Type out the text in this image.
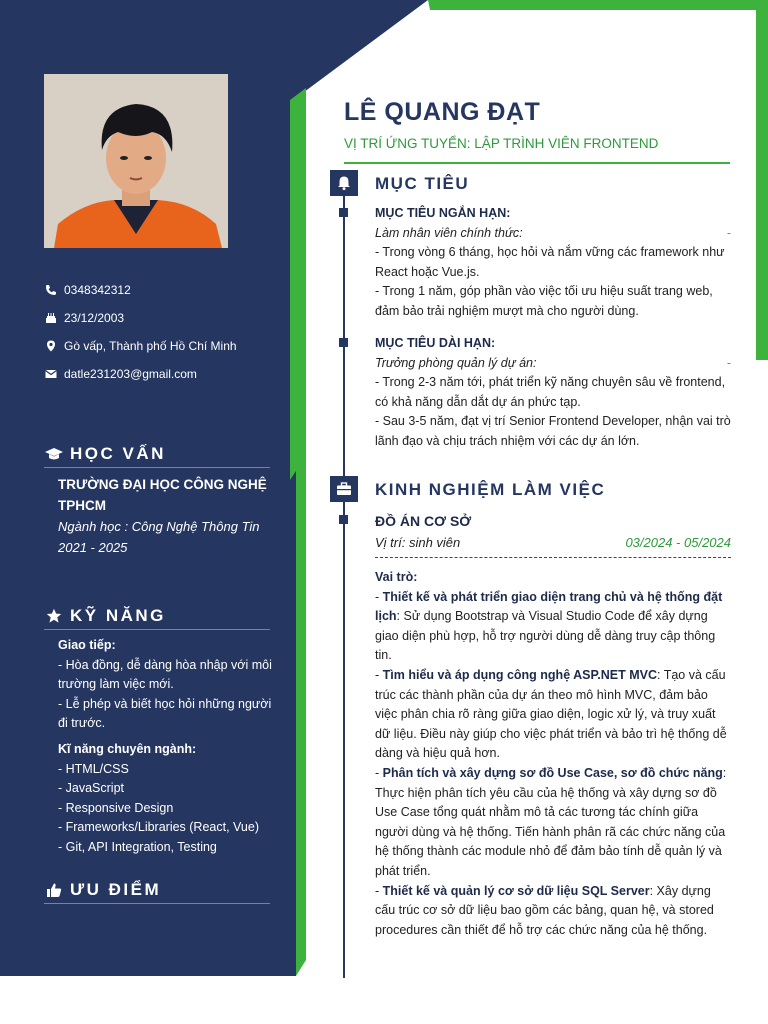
0348342312
23/12/2003
Gò vấp, Thành phố Hồ Chí Minh
datle231203@gmail.com
HỌC VẤN
TRƯỜNG ĐẠI HỌC CÔNG NGHỆ TPHCM
Ngành học : Công Nghệ Thông Tin
2021 - 2025
KỸ NĂNG
Giao tiếp:
- Hòa đồng, dễ dàng hòa nhập với môi trường làm việc mới.
- Lễ phép và biết học hỏi những người đi trước.
Kĩ năng chuyên ngành:
- HTML/CSS
- JavaScript
- Responsive Design
- Frameworks/Libraries (React, Vue)
- Git, API Integration, Testing
ƯU ĐIỂM
LÊ QUANG ĐẠT
VỊ TRÍ ỨNG TUYỂN: LẬP TRÌNH VIÊN FRONTEND
MỤC TIÊU
MỤC TIÊU NGẮN HẠN:
Làm nhân viên chính thức:	-
- Trong vòng 6 tháng, học hỏi và nắm vững các framework như React hoặc Vue.js.
- Trong 1 năm, góp phần vào việc tối ưu hiệu suất trang web, đảm bảo trải nghiệm mượt mà cho người dùng.
MỤC TIÊU DÀI HẠN:
Trưởng phòng quản lý dự án:	-
- Trong 2-3 năm tới, phát triển kỹ năng chuyên sâu về frontend, có khả năng dẫn dắt dự án phức tạp.
- Sau 3-5 năm, đạt vị trí Senior Frontend Developer, nhận vai trò lãnh đạo và chịu trách nhiệm với các dự án lớn.
KINH NGHIỆM LÀM VIỆC
ĐỒ ÁN CƠ SỞ
Vị trí: sinh viên	03/2024 - 05/2024
Vai trò:
- Thiết kế và phát triển giao diện trang chủ và hệ thống đặt lịch: Sử dụng Bootstrap và Visual Studio Code để xây dựng giao diện phù hợp, hỗ trợ người dùng dễ dàng truy cập thông tin.
- Tìm hiểu và áp dụng công nghệ ASP.NET MVC: Tạo và cấu trúc các thành phần của dự án theo mô hình MVC, đảm bảo việc phân chia rõ ràng giữa giao diện, logic xử lý, và truy xuất dữ liệu. Điều này giúp cho việc phát triển và bảo trì hệ thống dễ dàng và hiệu quả hơn.
- Phân tích và xây dựng sơ đồ Use Case, sơ đồ chức năng: Thực hiện phân tích yêu cầu của hệ thống và xây dựng sơ đồ Use Case tổng quát nhằm mô tả các tương tác chính giữa người dùng và hệ thống. Tiến hành phân rã các chức năng của hệ thống thành các module nhỏ để đảm bảo tính dễ quản lý và phát triển.
- Thiết kế và quản lý cơ sở dữ liệu SQL Server: Xây dựng cấu trúc cơ sở dữ liệu bao gồm các bảng, quan hệ, và stored procedures cần thiết để hỗ trợ các chức năng của hệ thống.
